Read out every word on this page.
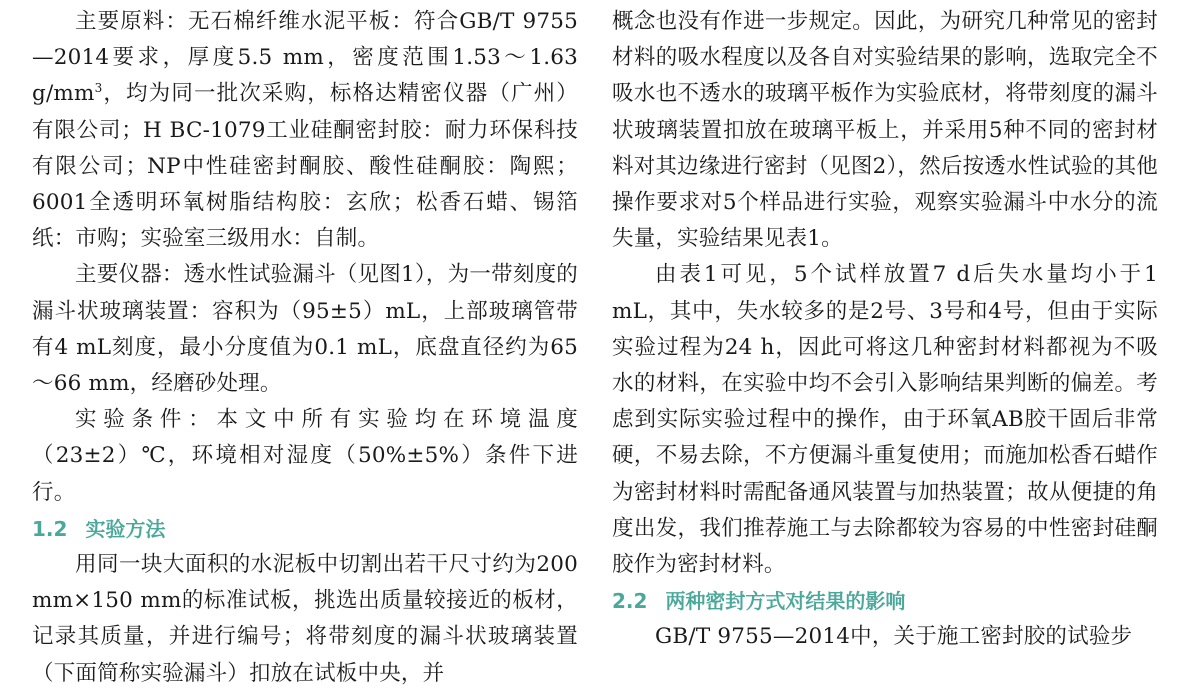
主要原料：无石棉纤维水泥平板：符合GB/T 9755—2014要求，厚度5.5 mm，密度范围1.53～1.63 $g/mm^3$，均为同一批次采购，标格达精密仪器（广州）有限公司；H BC-1079工业硅酮密封胶：耐力环保科技有限公司；NP中性硅密封酮胶、酸性硅酮胶：陶熙；6001全透明环氧树脂结构胶：玄欣；松香石蜡、锡箔纸：市购；实验室三级用水：自制。

主要仪器：透水性试验漏斗（见图1），为一带刻度的漏斗状玻璃装置：容积为（95±5）mL，上部玻璃管带有4 mL刻度，最小分度值为0.1 mL，底盘直径约为65～66 mm，经磨砂处理。

实验条件：本文中所有实验均在环境温度（23±2）℃，环境相对湿度（50%±5%）条件下进行。

1.2 实验方法

用同一块大面积的水泥板中切割出若干尺寸约为200 mm×150 mm的标准试板，挑选出质量较接近的板材，记录其质量，并进行编号；将带刻度的漏斗状玻璃装置（下面简称实验漏斗）扣放在试板中央，并

概念也没有作进一步规定。因此，为研究几种常见的密封材料的吸水程度以及各自对实验结果的影响，选取完全不吸水也不透水的玻璃平板作为实验底材，将带刻度的漏斗状玻璃装置扣放在玻璃平板上，并采用5种不同的密封材料对其边缘进行密封（见图2），然后按透水性试验的其他操作要求对5个样品进行实验，观察实验漏斗中水分的流失量，实验结果见表1。

由表1可见，5个试样放置7 d后失水量均小于1 mL，其中，失水较多的是2号、3号和4号，但由于实际实验过程为24 h，因此可将这几种密封材料都视为不吸水的材料，在实验中均不会引入影响结果判断的偏差。考虑到实际实验过程中的操作，由于环氧AB胶干固后非常硬，不易去除，不方便漏斗重复使用；而施加松香石蜡作为密封材料时需配备通风装置与加热装置；故从便捷的角度出发，我们推荐施工与去除都较为容易的中性密封硅酮胶作为密封材料。

2.2 两种密封方式对结果的影响

GB/T 9755—2014中，关于施工密封胶的试验步
